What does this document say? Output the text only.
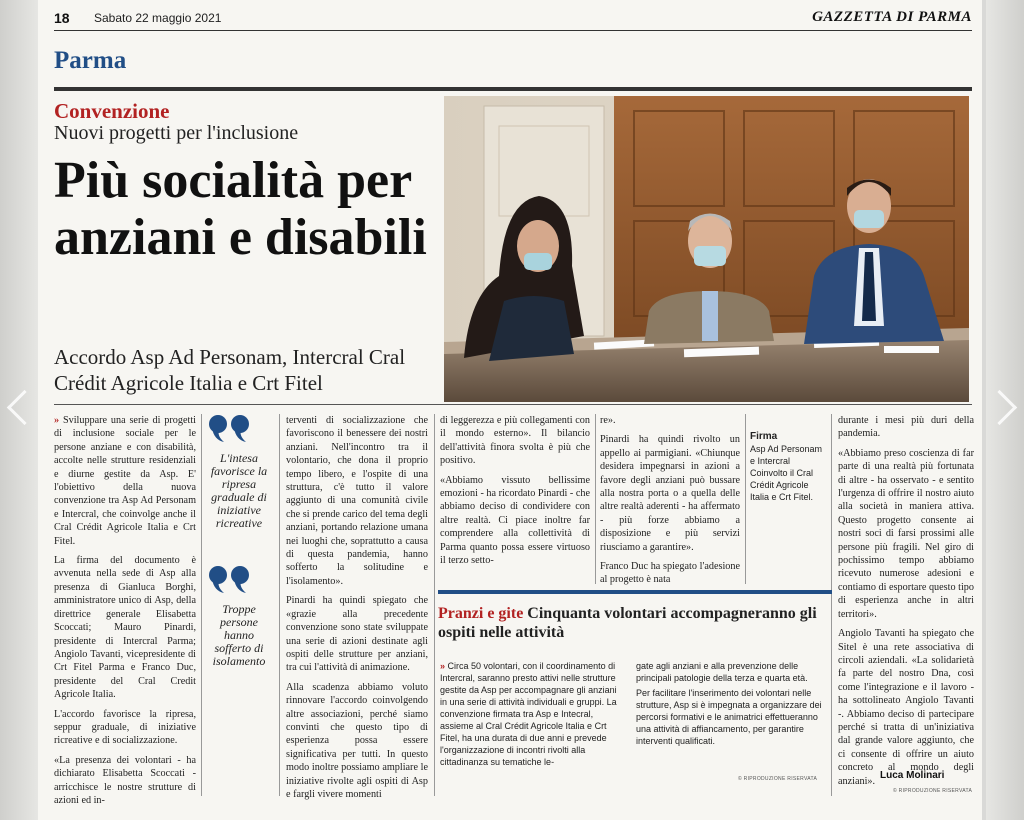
18 Sabato 22 maggio 2021	GAZZETTA DI PARMA
Parma
Convenzione
Nuovi progetti per l'inclusione
Più socialità per anziani e disabili
Accordo Asp Ad Personam, Intercral Cral Crédit Agricole Italia e Crt Fitel

» Sviluppare una serie di progetti di inclusione sociale per le persone anziane e con disabilità, accolte nelle strutture residenziali e diurne gestite da Asp. E' l'obiettivo della nuova convenzione tra Asp Ad Personam e Intercral, che coinvolge anche il Cral Crédit Agricole Italia e Crt Fitel.

La firma del documento è avvenuta nella sede di Asp alla presenza di Gianluca Borghi, amministratore unico di Asp, della direttrice generale Elisabetta Scoccati; Mauro Pinardi, presidente di Intercral Parma; Angiolo Tavanti, vicepresidente di Crt Fitel Parma e Franco Duc, presidente del Cral Credit Agricole Italia.

L'accordo favorisce la ripresa, seppur graduale, di iniziative ricreative e di socializzazione.

«La presenza dei volontari - ha dichiarato Elisabetta Scoccati - arricchisce le nostre strutture di azioni ed in-

L'intesa favorisce la ripresa graduale di iniziative ricreative
Troppe persone hanno sofferto di isolamento

terventi di socializzazione che favoriscono il benessere dei nostri anziani. Nell'incontro tra il volontario, che dona il proprio tempo libero, e l'ospite di una struttura, c'è tutto il valore aggiunto di una comunità civile che si prende carico del tema degli anziani, portando relazione umana nei luoghi che, soprattutto a causa di questa pandemia, hanno sofferto la solitudine e l'isolamento».

Pinardi ha quindi spiegato che «grazie alla precedente convenzione sono state sviluppate una serie di azioni destinate agli ospiti delle strutture per anziani, tra cui l'attività di animazione.

Alla scadenza abbiamo voluto rinnovare l'accordo coinvolgendo altre associazioni, perché siamo convinti che questo tipo di esperienza possa essere significativa per tutti. In questo modo inoltre possiamo ampliare le iniziative rivolte agli ospiti di Asp e fargli vivere momenti

di leggerezza e più collegamenti con il mondo esterno». Il bilancio dell'attività finora svolta è più che positivo.

«Abbiamo vissuto bellissime emozioni - ha ricordato Pinardi - che abbiamo deciso di condividere con altre realtà. Ci piace inoltre far comprendere alla collettività di Parma quanto possa essere virtuoso il terzo setto-

re».

Pinardi ha quindi rivolto un appello ai parmigiani. «Chiunque desidera impegnarsi in azioni a favore degli anziani può bussare alla nostra porta o a quella delle altre realtà aderenti - ha affermato - più forze abbiamo a disposizione e più servizi riusciamo a garantire».

Franco Duc ha spiegato l'adesione al progetto è nata

Firma
Asp Ad Personam e Intercral Coinvolto il Cral Crédit Agricole Italia e Crt Fitel.

durante i mesi più duri della pandemia.

«Abbiamo preso coscienza di far parte di una realtà più fortunata di altre - ha osservato - e sentito l'urgenza di offrire il nostro aiuto alla società in maniera attiva. Questo progetto consente ai nostri soci di farsi prossimi alle persone più fragili. Nel giro di pochissimo tempo abbiamo ricevuto numerose adesioni e contiamo di esportare questo tipo di esperienza anche in altri territori».

Angiolo Tavanti ha spiegato che Sitel è una rete associativa di circoli aziendali. «La solidarietà fa parte del nostro Dna, così come l'integrazione e il lavoro - ha sottolineato Angiolo Tavanti -. Abbiamo deciso di partecipare perché si tratta di un'iniziativa dal grande valore aggiunto, che ci consente di offrire un aiuto concreto al mondo degli anziani».

Luca Molinari
© RIPRODUZIONE RISERVATA
Pranzi e gite Cinquanta volontari accompagneranno gli ospiti nelle attività

» Circa 50 volontari, con il coordinamento di Intercral, saranno presto attivi nelle strutture gestite da Asp per accompagnare gli anziani in una serie di attività individuali e gruppi. La convenzione firmata tra Asp e Intecral, assieme al Cral Crédit Agricole Italia e Crt Fitel, ha una durata di due anni e prevede l'organizzazione di incontri rivolti alla cittadinanza su tematiche le-

gate agli anziani e alla prevenzione delle principali patologie della terza e quarta età.

Per facilitare l'inserimento dei volontari nelle strutture, Asp si è impegnata a organizzare dei percorsi formativi e le animatrici effettueranno una attività di affiancamento, per garantire interventi qualificati.

© RIPRODUZIONE RISERVATA
